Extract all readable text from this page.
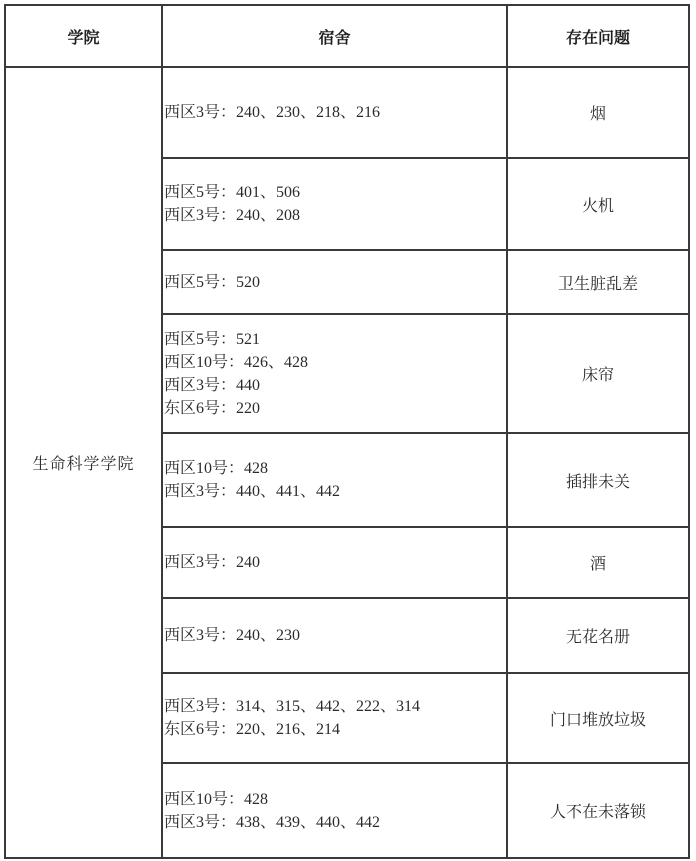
学院	宿舍	存在问题
生命科学学院	西区3号：240、230、218、216	烟

	西区5号：401、506
西区3号：240、208	火机

	西区5号：520	卫生脏乱差

	西区5号：521
西区10号：426、428
西区3号：440
东区6号：220	床帘

	西区10号：428
西区3号：440、441、442	插排未关

	西区3号：240	酒

	西区3号：240、230	无花名册

	西区3号：314、315、442、222、314
东区6号：220、216、214	门口堆放垃圾

	西区10号：428
西区3号：438、439、440、442	人不在未落锁
